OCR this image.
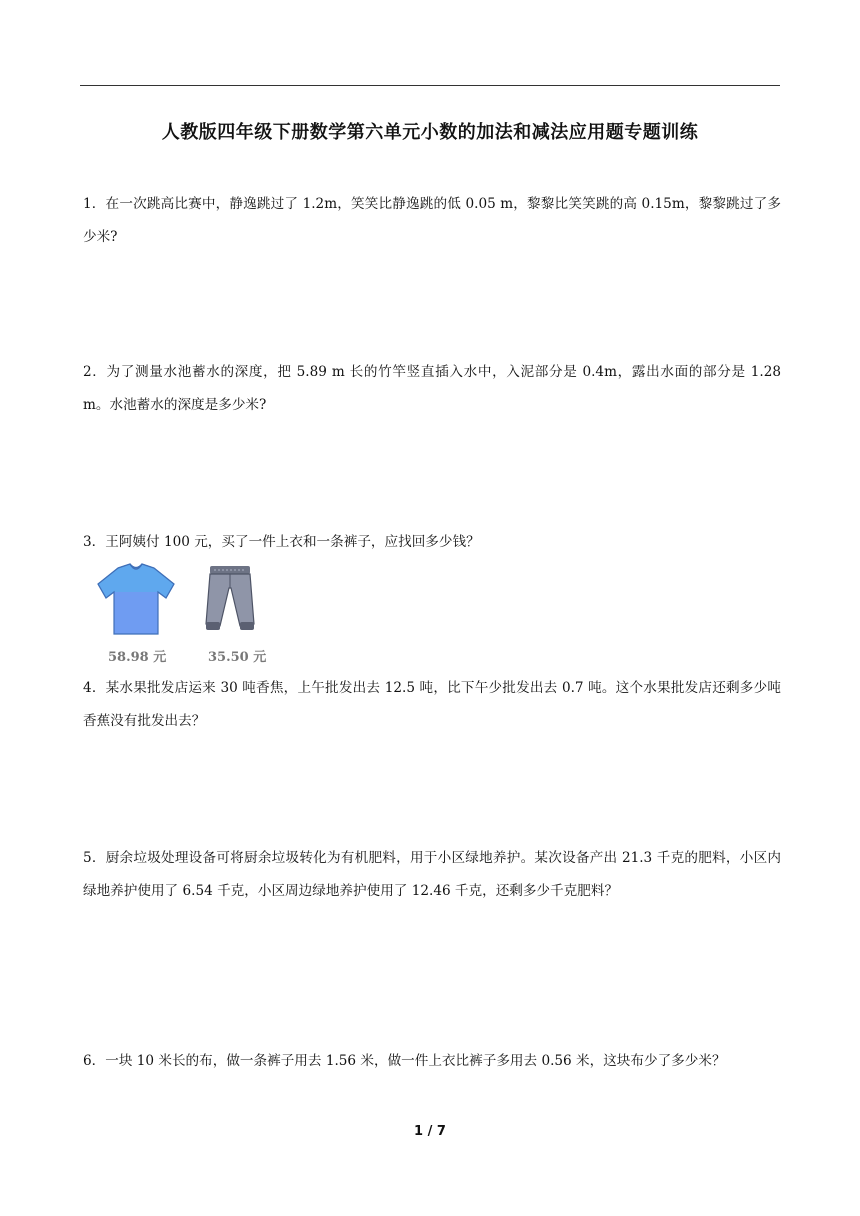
人教版四年级下册数学第六单元小数的加法和减法应用题专题训练
1．在一次跳高比赛中，静逸跳过了 1.2m，笑笑比静逸跳的低 0.05 m，黎黎比笑笑跳的高 0.15m，黎黎跳过了多少米?
2．为了测量水池蓄水的深度，把 5.89 m 长的竹竿竖直插入水中，入泥部分是 0.4m，露出水面的部分是 1.28 m。水池蓄水的深度是多少米?
3．王阿姨付 100 元，买了一件上衣和一条裤子，应找回多少钱？
58.98 元	35.50 元
4．某水果批发店运来 30 吨香焦，上午批发出去 12.5 吨，比下午少批发出去 0.7 吨。这个水果批发店还剩多少吨香蕉没有批发出去？
5．厨余垃圾处理设备可将厨余垃圾转化为有机肥料，用于小区绿地养护。某次设备产出 21.3 千克的肥料，小区内绿地养护使用了 6.54 千克，小区周边绿地养护使用了 12.46 千克，还剩多少千克肥料？
6．一块 10 米长的布，做一条裤子用去 1.56 米，做一件上衣比裤子多用去 0.56 米，这块布少了多少米？
1 / 7
